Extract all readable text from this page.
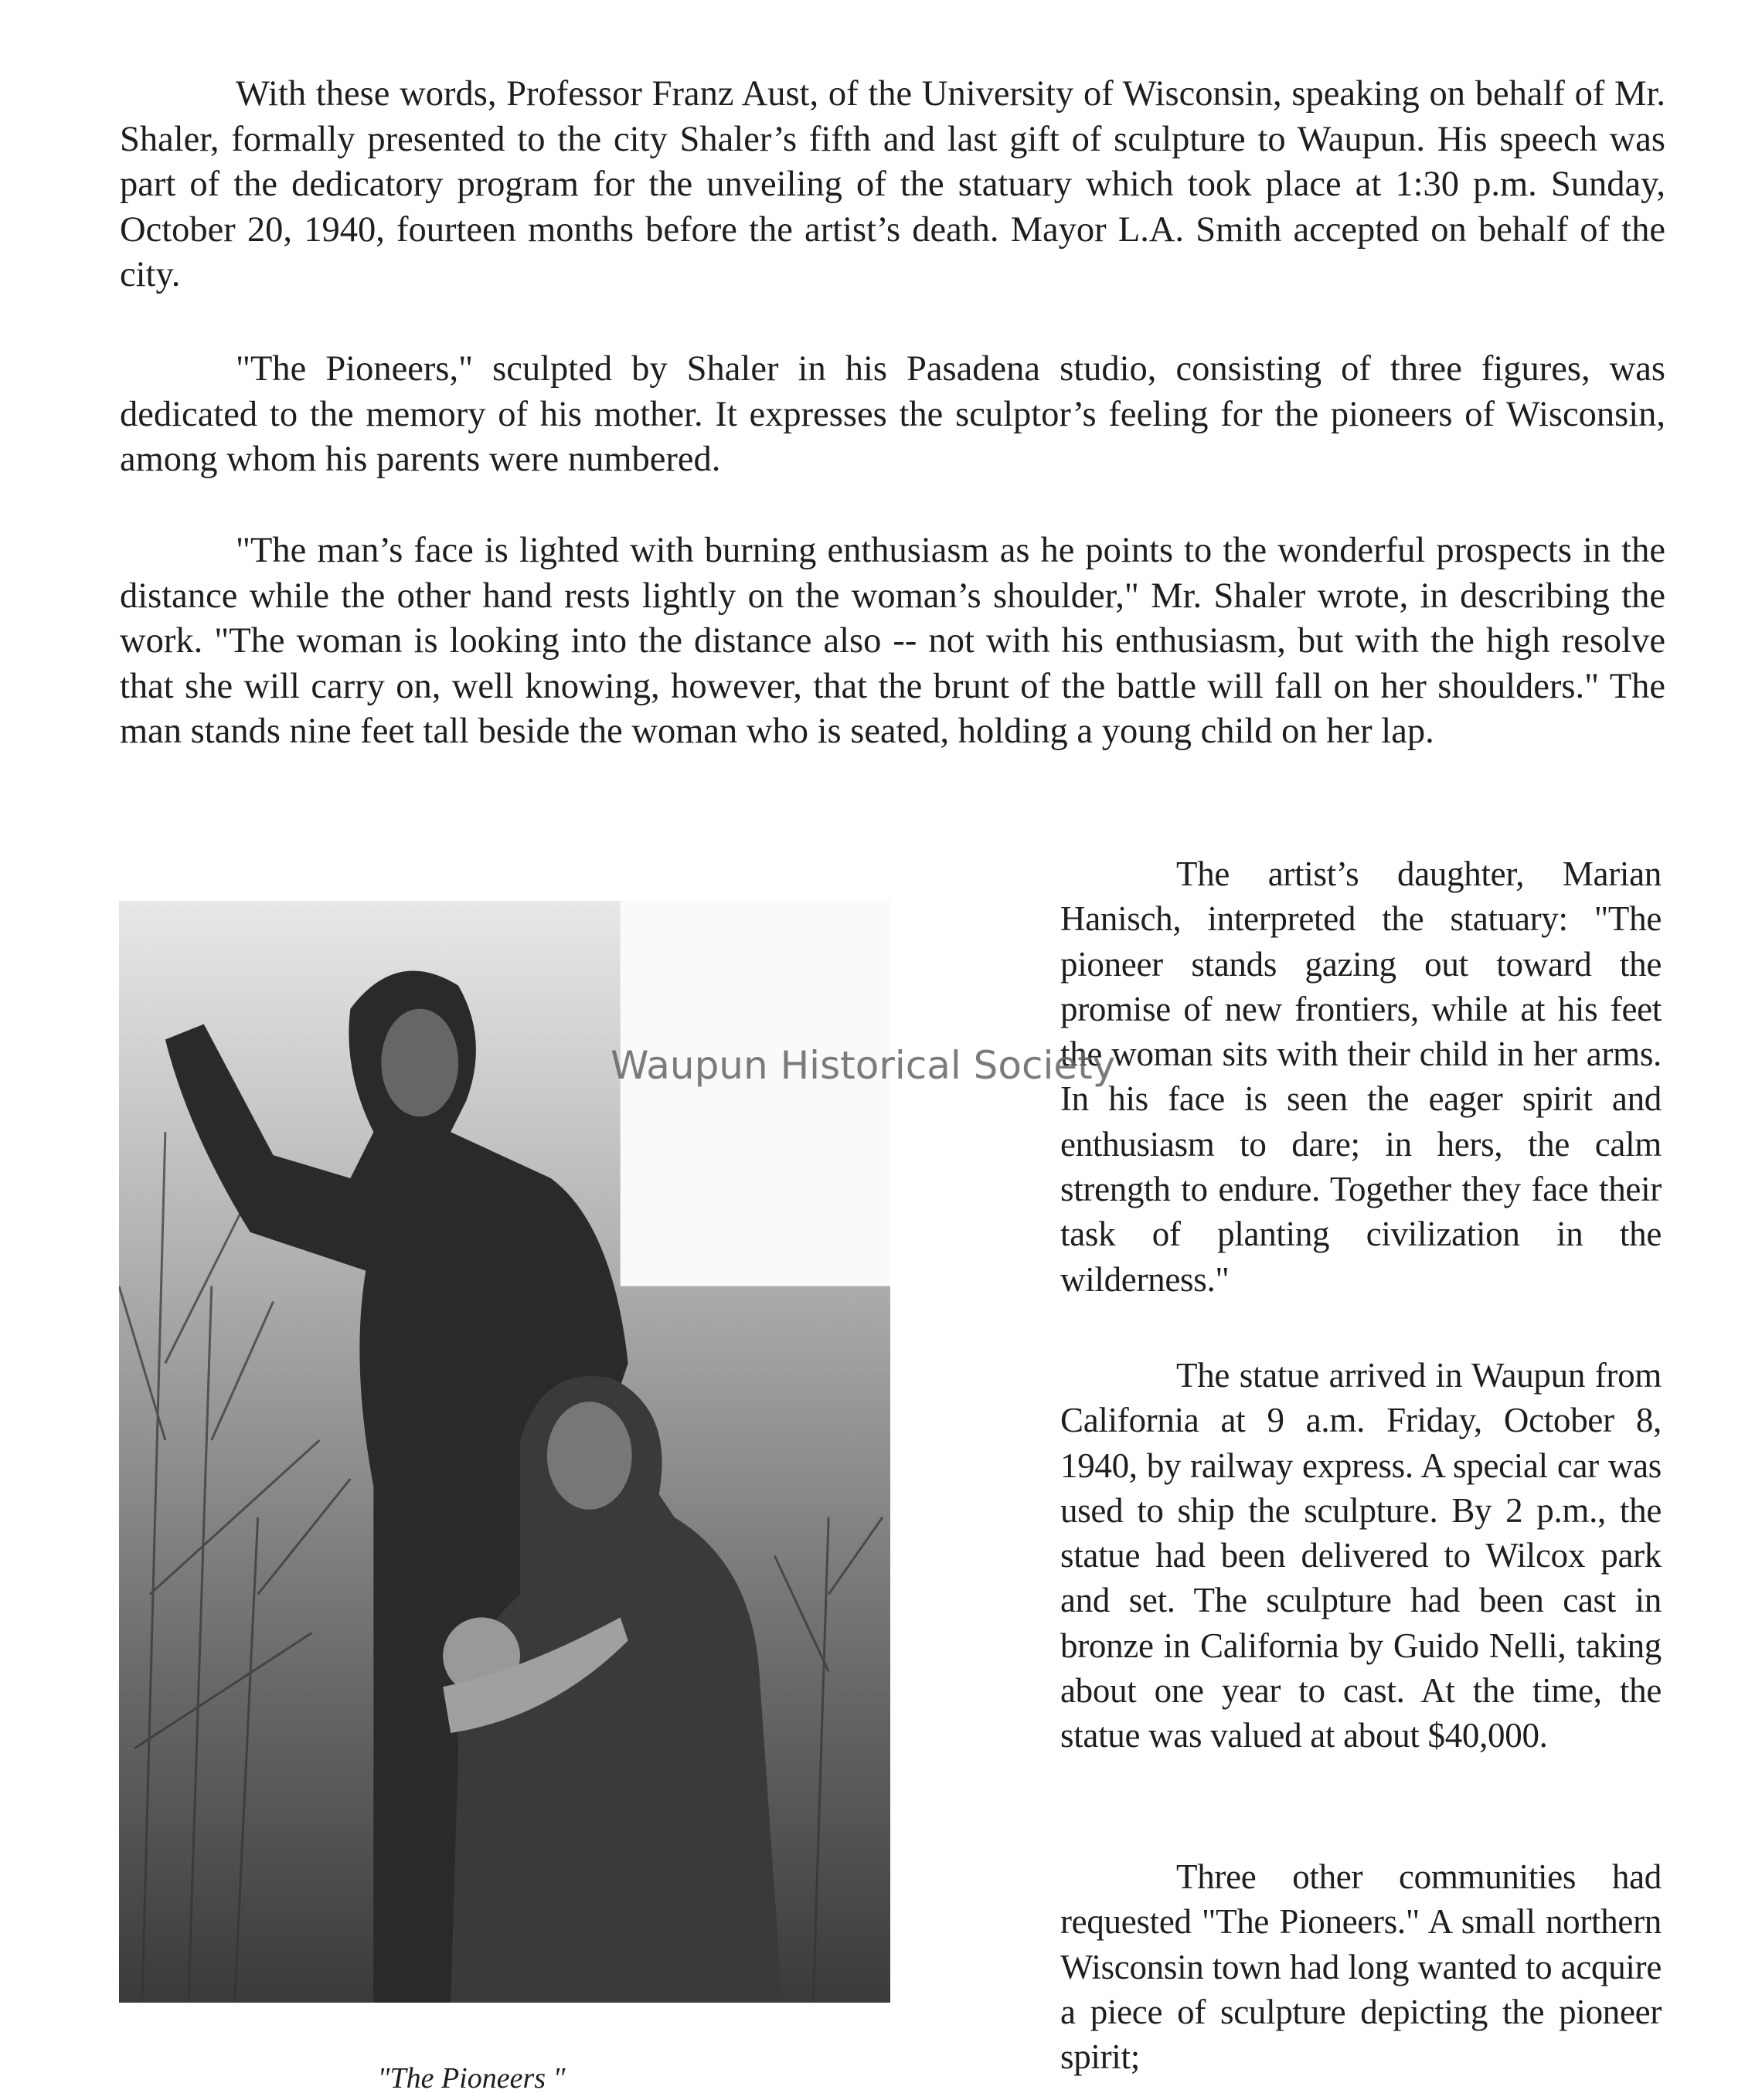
With these words, Professor Franz Aust, of the University of Wisconsin, speaking on behalf of Mr. Shaler, formally presented to the city Shaler’s fifth and last gift of sculpture to Waupun. His speech was part of the dedicatory program for the unveiling of the statuary which took place at 1:30 p.m. Sunday, October 20, 1940, fourteen months before the artist’s death. Mayor L.A. Smith accepted on behalf of the city.

"The Pioneers," sculpted by Shaler in his Pasadena studio, consisting of three figures, was dedicated to the memory of his mother. It expresses the sculptor’s feeling for the pioneers of Wisconsin, among whom his parents were numbered.

"The man’s face is lighted with burning enthusiasm as he points to the wonderful prospects in the distance while the other hand rests lightly on the woman’s shoulder," Mr. Shaler wrote, in describing the work. "The woman is looking into the distance also -- not with his enthusiasm, but with the high resolve that she will carry on, well knowing, however, that the brunt of the battle will fall on her shoulders." The man stands nine feet tall beside the woman who is seated, holding a young child on her lap.

"The Pioneers "

The artist’s daughter, Marian Hanisch, interpreted the statuary: "The pioneer stands gazing out toward the promise of new frontiers, while at his feet the woman sits with their child in her arms. In his face is seen the eager spirit and enthusiasm to dare; in hers, the calm strength to endure. Together they face their task of planting civilization in the wilderness."

The statue arrived in Waupun from California at 9 a.m. Friday, October 8, 1940, by railway express. A special car was used to ship the sculpture. By 2 p.m., the statue had been delivered to Wilcox park and set. The sculpture had been cast in bronze in California by Guido Nelli, taking about one year to cast. At the time, the statue was valued at about $40,000.

Three other communities had requested "The Pioneers." A small northern Wisconsin town had long wanted to acquire a piece of sculpture depicting the pioneer spirit;

Waupun Historical Society
